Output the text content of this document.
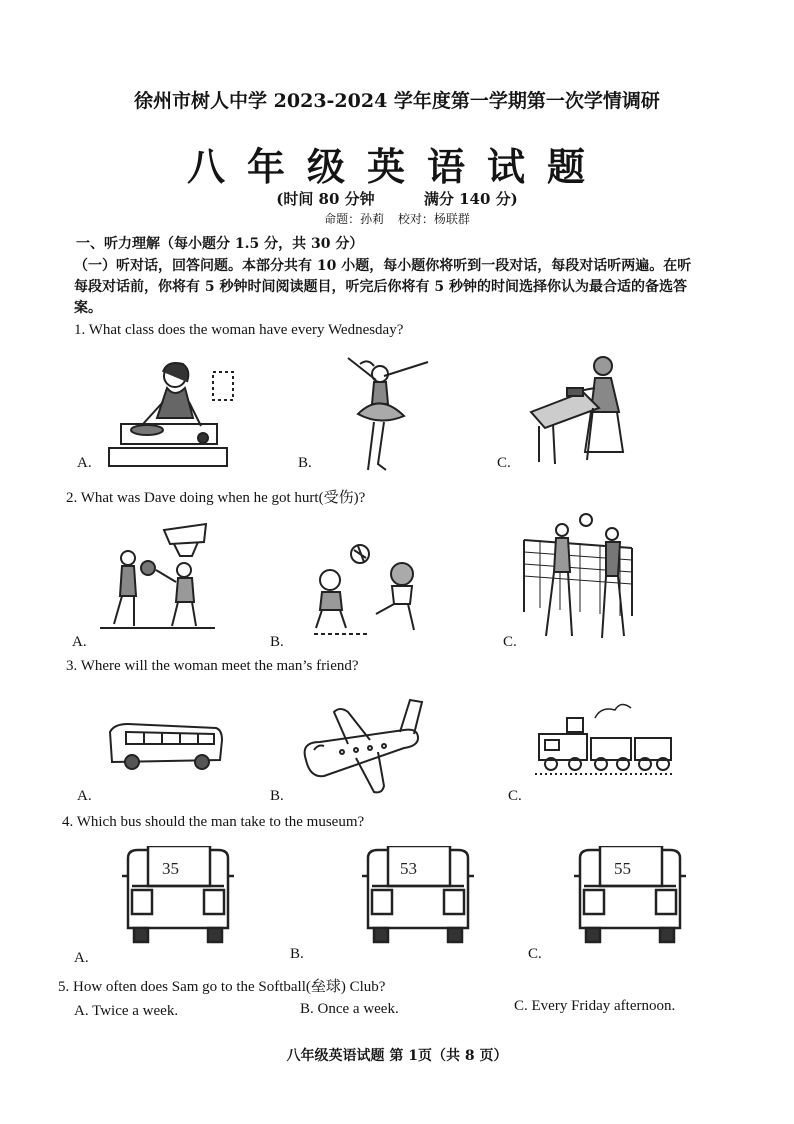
徐州市树人中学 2023-2024 学年度第一学期第一次学情调研
八年级英语试题
(时间 80 分钟	满分 140 分)
命题：孙莉 校对：杨联群
一、听力理解（每小题分 1.5 分，共 30 分）
（一）听对话，回答问题。本部分共有 10 小题，每小题你将听到一段对话，每段对话听两遍。在听每段对话前，你将有 5 秒钟时间阅读题目，听完后你将有 5 秒钟的时间选择你认为最合适的备选答案。
1. What class does the woman have every Wednesday?
A.	B.	C.
2. What was Dave doing when he got hurt(受伤)?
A.	B.	C.
3. Where will the woman meet the man’s friend?
A.	B.	C.
4. Which bus should the man take to the museum?
35
A.
53
B.
55
C.
5. How often does Sam go to the Softball(垒球) Club?
A. Twice a week.	B. Once a week.	C. Every Friday afternoon.
八年级英语试题 第 1页（共 8 页）
